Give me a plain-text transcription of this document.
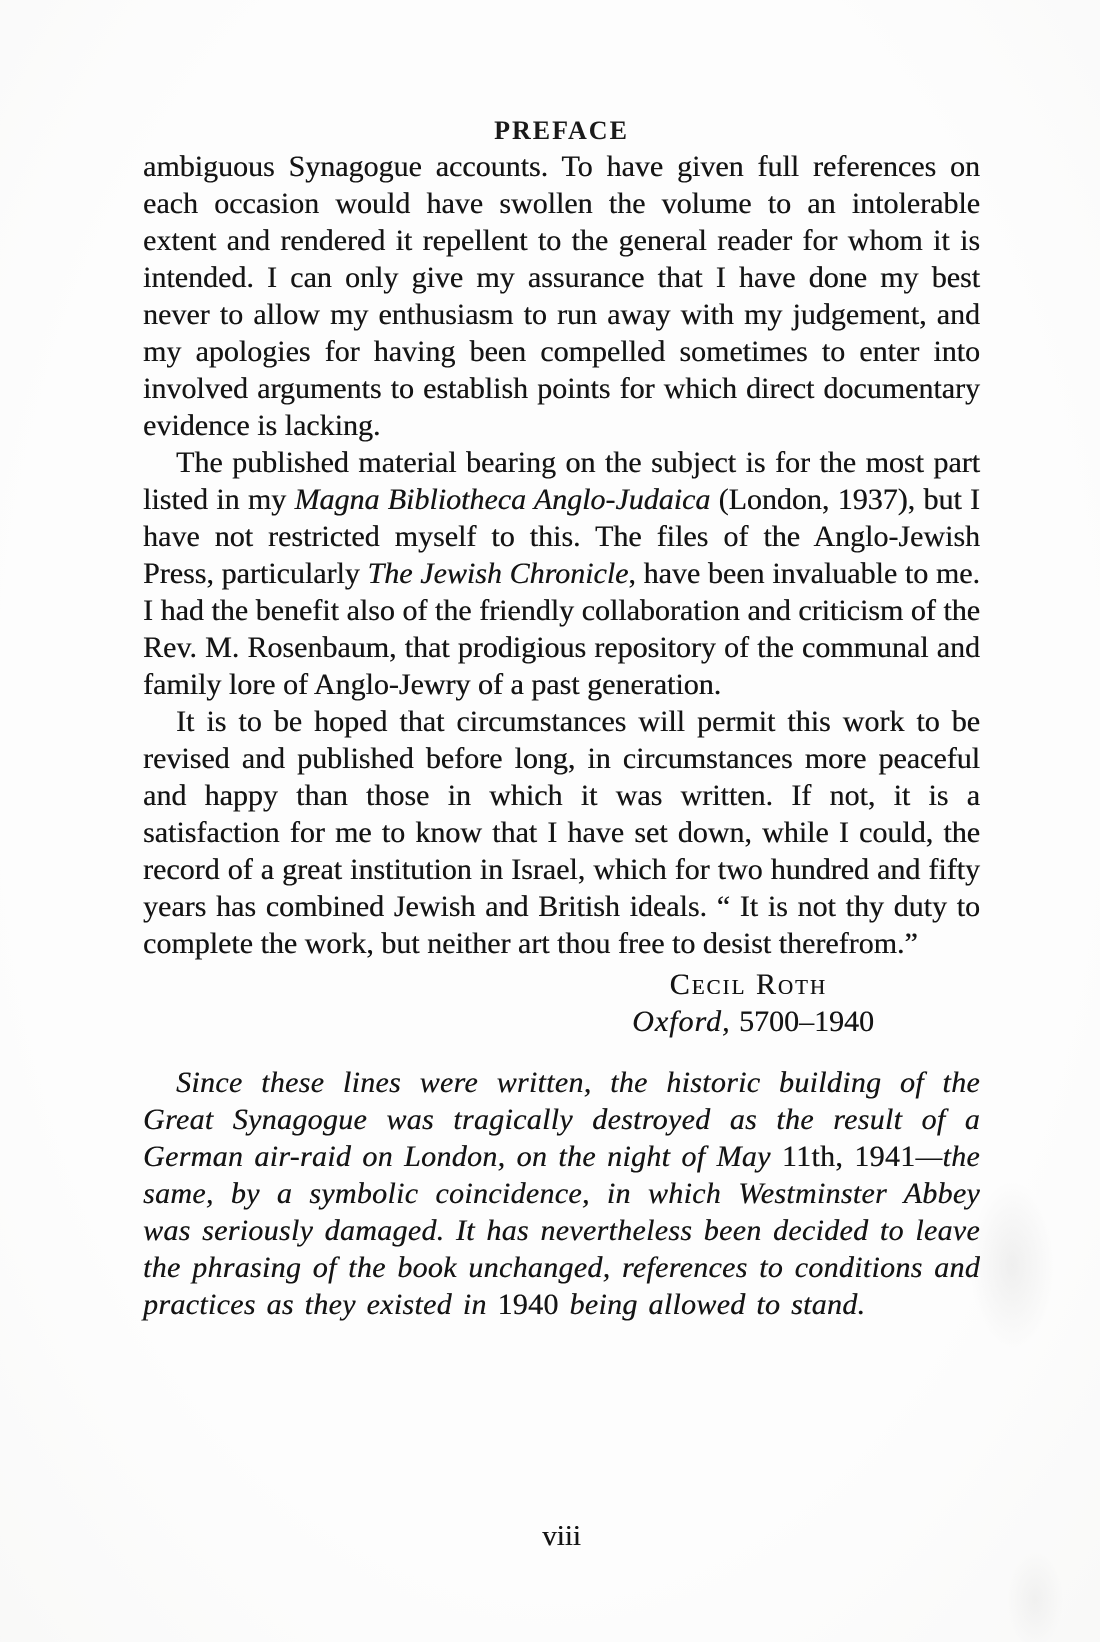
PREFACE

ambiguous Synagogue accounts. To have given full references on each occasion would have swollen the volume to an intolerable extent and rendered it repellent to the general reader for whom it is intended. I can only give my assurance that I have done my best never to allow my enthusiasm to run away with my judgement, and my apologies for having been compelled sometimes to enter into involved arguments to establish points for which direct documentary evidence is lacking.

The published material bearing on the subject is for the most part listed in my Magna Bibliotheca Anglo-Judaica (London, 1937), but I have not restricted myself to this. The files of the Anglo-Jewish Press, particularly The Jewish Chronicle, have been invaluable to me. I had the benefit also of the friendly collaboration and criticism of the Rev. M. Rosenbaum, that prodigious repository of the communal and family lore of Anglo-Jewry of a past generation.

It is to be hoped that circumstances will permit this work to be revised and published before long, in circumstances more peaceful and happy than those in which it was written. If not, it is a satisfaction for me to know that I have set down, while I could, the record of a great institution in Israel, which for two hundred and fifty years has combined Jewish and British ideals. “ It is not thy duty to complete the work, but neither art thou free to desist therefrom.”

Cecil Roth
Oxford, 5700–1940

Since these lines were written, the historic building of the Great Synagogue was tragically destroyed as the result of a German air-raid on London, on the night of May 11th, 1941—the same, by a symbolic coincidence, in which Westminster Abbey was seriously damaged. It has nevertheless been decided to leave the phrasing of the book unchanged, references to conditions and practices as they existed in 1940 being allowed to stand.

viii
